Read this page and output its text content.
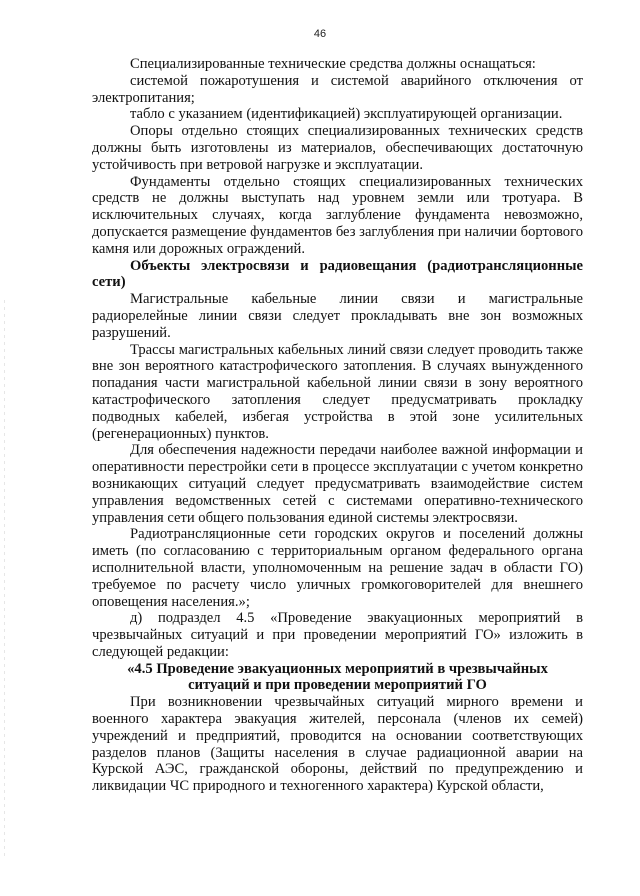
46

Специализированные технические средства должны оснащаться:

системой пожаротушения и системой аварийного отключения от электропитания;

табло с указанием (идентификацией) эксплуатирующей организации.

Опоры отдельно стоящих специализированных технических средств должны быть изготовлены из материалов, обеспечивающих достаточную устойчивость при ветровой нагрузке и эксплуатации.

Фундаменты отдельно стоящих специализированных технических средств не должны выступать над уровнем земли или тротуара. В исключительных случаях, когда заглубление фундамента невозможно, допускается размещение фундаментов без заглубления при наличии бортового камня или дорожных ограждений.

Объекты электросвязи и радиовещания (радиотрансляционные сети)

Магистральные кабельные линии связи и магистральные радиорелейные линии связи следует прокладывать вне зон возможных разрушений.

Трассы магистральных кабельных линий связи следует проводить также вне зон вероятного катастрофического затопления. В случаях вынужденного попадания части магистральной кабельной линии связи в зону вероятного катастрофического затопления следует предусматривать прокладку подводных кабелей, избегая устройства в этой зоне усилительных (регенерационных) пунктов.

Для обеспечения надежности передачи наиболее важной информации и оперативности перестройки сети в процессе эксплуатации с учетом конкретно возникающих ситуаций следует предусматривать взаимодействие систем управления ведомственных сетей с системами оперативно-технического управления сети общего пользования единой системы электросвязи.

Радиотрансляционные сети городских округов и поселений должны иметь (по согласованию с территориальным органом федерального органа исполнительной власти, уполномоченным на решение задач в области ГО) требуемое по расчету число уличных громкоговорителей для внешнего оповещения населения.»;

д) подраздел 4.5 «Проведение эвакуационных мероприятий в чрезвычайных ситуаций и при проведении мероприятий ГО» изложить в следующей редакции:

«4.5 Проведение эвакуационных мероприятий в чрезвычайных ситуаций и при проведении мероприятий ГО

При возникновении чрезвычайных ситуаций мирного времени и военного характера эвакуация жителей, персонала (членов их семей) учреждений и предприятий, проводится на основании соответствующих разделов планов (Защиты населения в случае радиационной аварии на Курской АЭС, гражданской обороны, действий по предупреждению и ликвидации ЧС природного и техногенного характера) Курской области,
